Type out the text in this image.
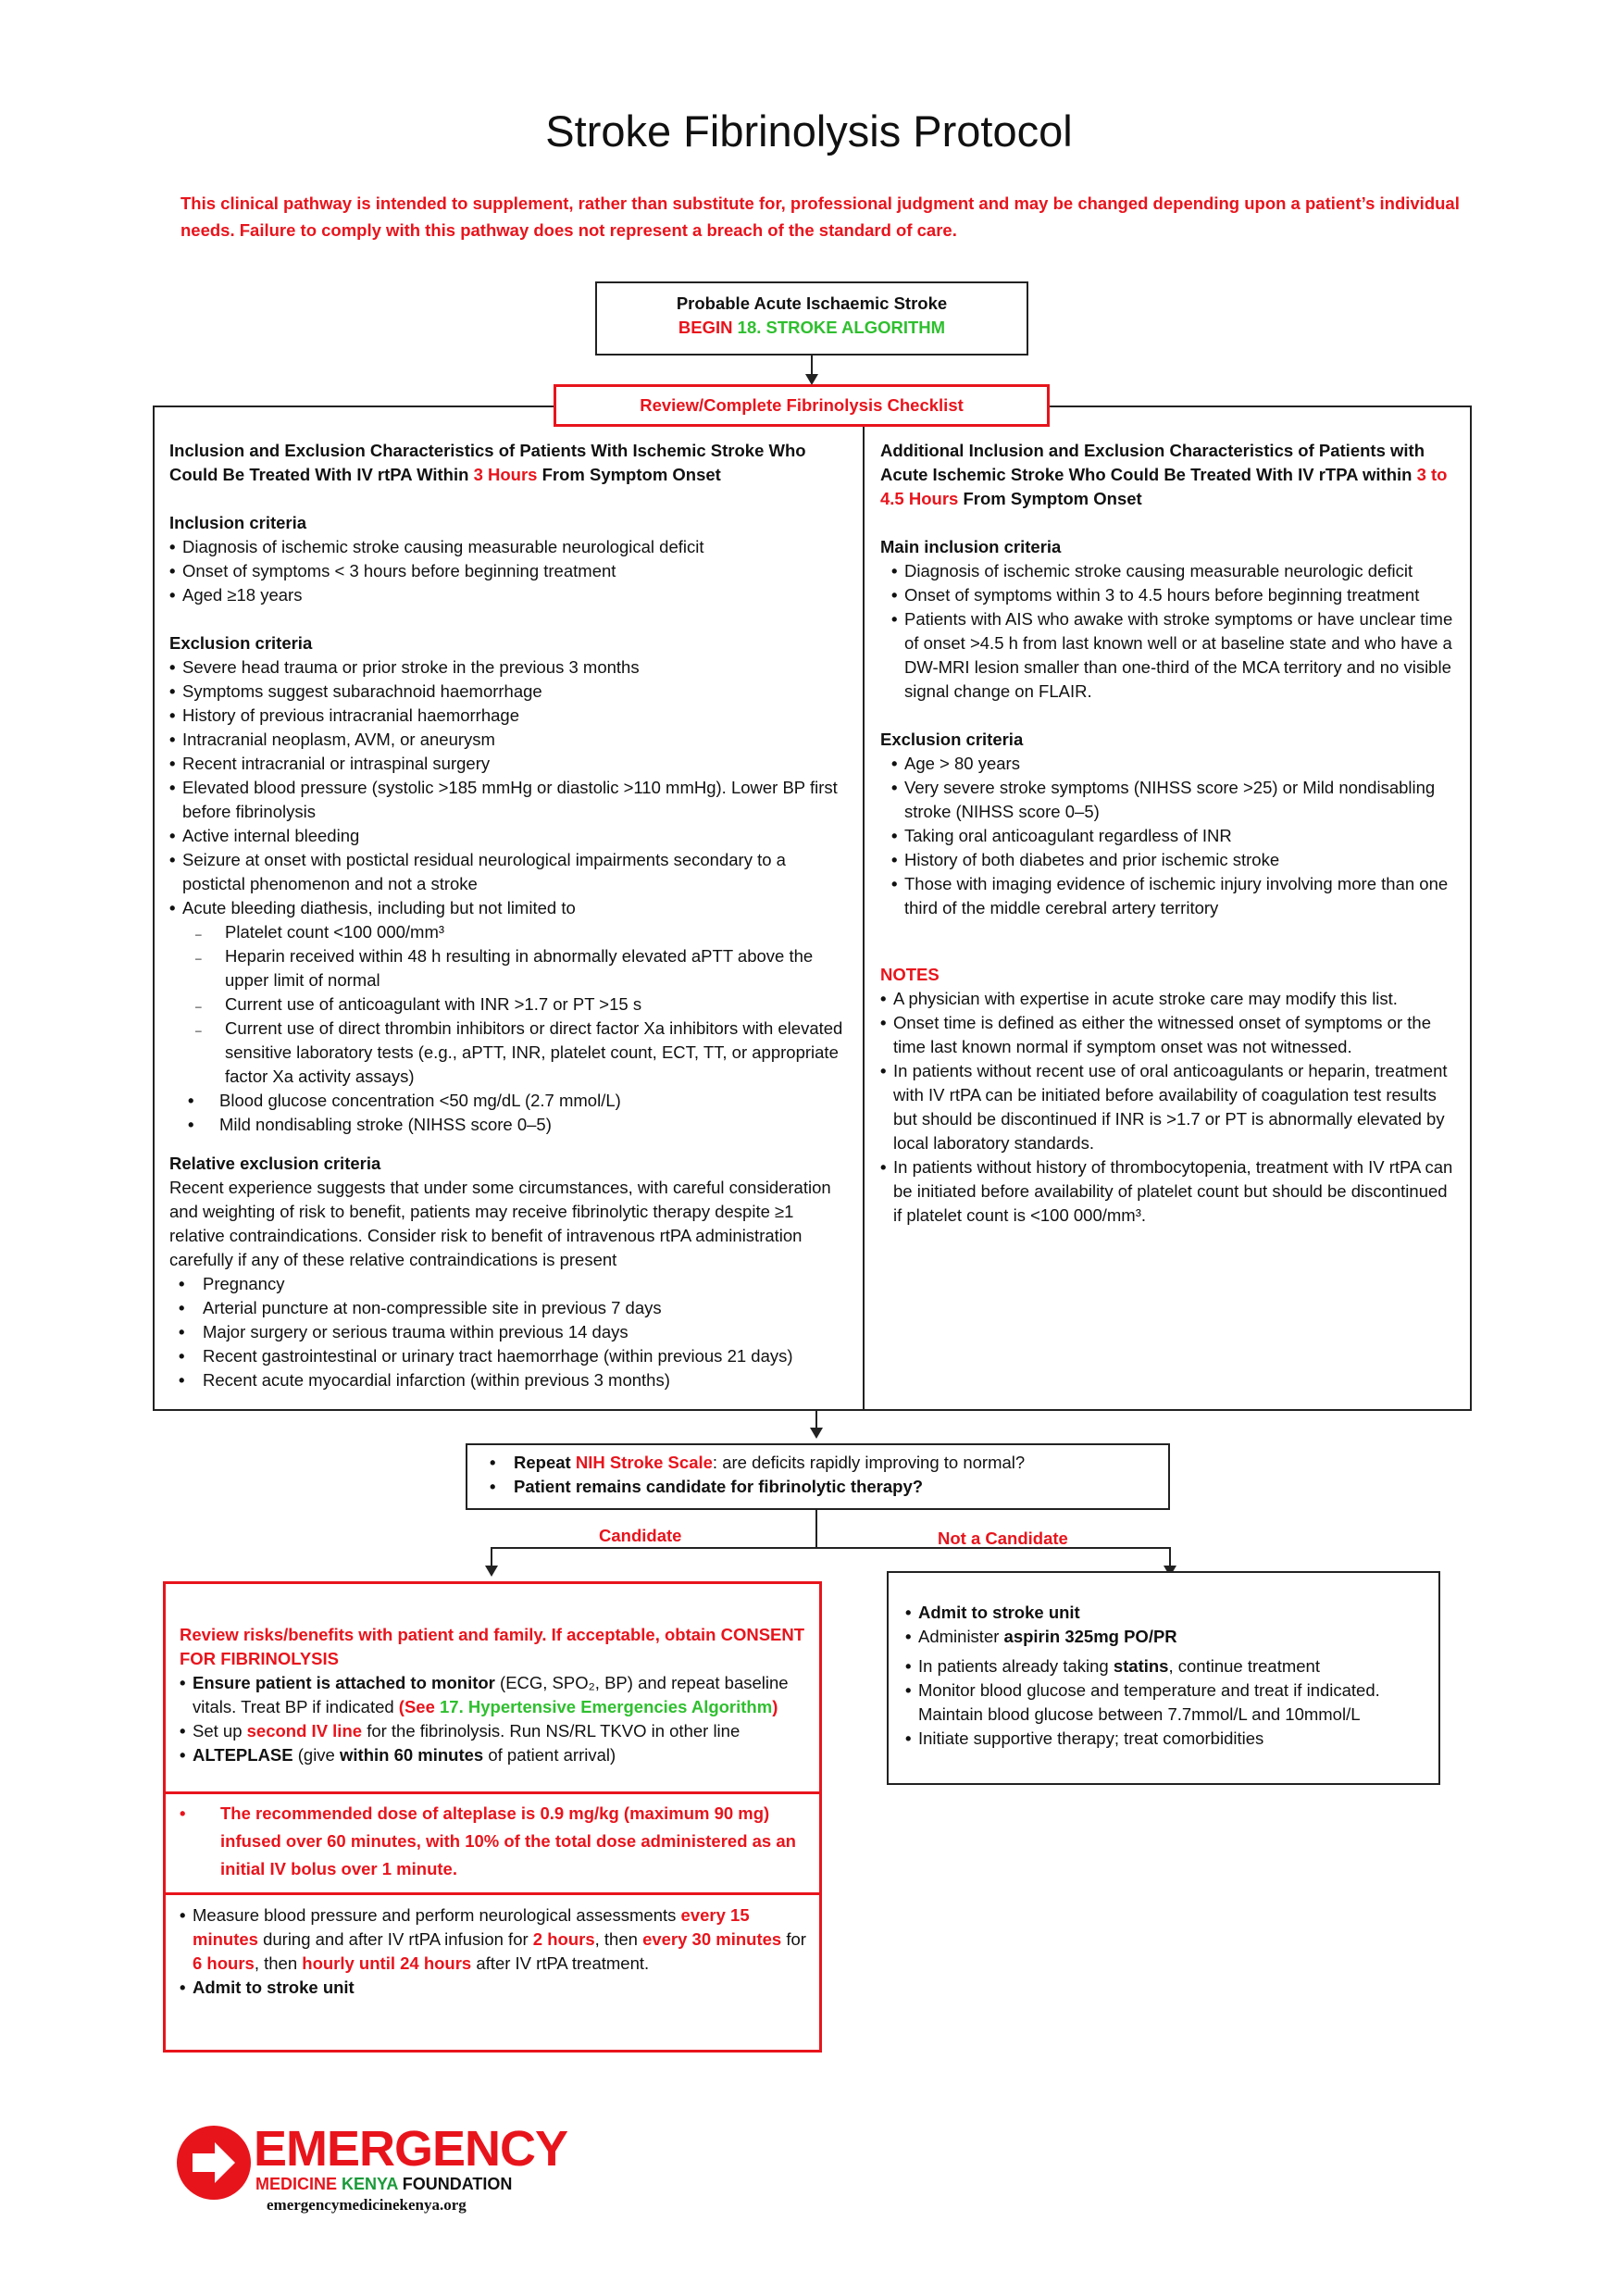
Stroke Fibrinolysis Protocol
This clinical pathway is intended to supplement, rather than substitute for, professional judgment and may be changed depending upon a patient’s individual needs. Failure to comply with this pathway does not represent a breach of the standard of care.
Probable Acute Ischaemic Stroke
BEGIN 18. STROKE ALGORITHM
Review/Complete Fibrinolysis Checklist

Inclusion and Exclusion Characteristics of Patients With Ischemic Stroke Who Could Be Treated With IV rtPA Within 3 Hours From Symptom Onset

Inclusion criteria

• Diagnosis of ischemic stroke causing measurable neurological deficit
• Onset of symptoms < 3 hours before beginning treatment
• Aged ≥18 years

Exclusion criteria

• Severe head trauma or prior stroke in the previous 3 months
• Symptoms suggest subarachnoid haemorrhage
• History of previous intracranial haemorrhage
• Intracranial neoplasm, AVM, or aneurysm
• Recent intracranial or intraspinal surgery
• Elevated blood pressure (systolic >185 mmHg or diastolic >110 mmHg). Lower BP first before fibrinolysis
• Active internal bleeding
• Seizure at onset with postictal residual neurological impairments secondary to a postictal phenomenon and not a stroke
• Acute bleeding diathesis, including but not limited to
– Platelet count <100 000/mm³
– Heparin received within 48 h resulting in abnormally elevated aPTT above the upper limit of normal
– Current use of anticoagulant with INR >1.7 or PT >15 s
– Current use of direct thrombin inhibitors or direct factor Xa inhibitors with elevated sensitive laboratory tests (e.g., aPTT, INR, platelet count, ECT, TT, or appropriate factor Xa activity assays)
• Blood glucose concentration <50 mg/dL (2.7 mmol/L)
• Mild nondisabling stroke (NIHSS score 0–5)

Relative exclusion criteria

Recent experience suggests that under some circumstances, with careful consideration and weighting of risk to benefit, patients may receive fibrinolytic therapy despite ≥1 relative contraindications. Consider risk to benefit of intravenous rtPA administration carefully if any of these relative contraindications is present

• Pregnancy
• Arterial puncture at non-compressible site in previous 7 days
• Major surgery or serious trauma within previous 14 days
• Recent gastrointestinal or urinary tract haemorrhage (within previous 21 days)
• Recent acute myocardial infarction (within previous 3 months)

Additional Inclusion and Exclusion Characteristics of Patients with Acute Ischemic Stroke Who Could Be Treated With IV rTPA within 3 to 4.5 Hours From Symptom Onset

Main inclusion criteria

• Diagnosis of ischemic stroke causing measurable neurologic deficit
• Onset of symptoms within 3 to 4.5 hours before beginning treatment
• Patients with AIS who awake with stroke symptoms or have unclear time of onset >4.5 h from last known well or at baseline state and who have a DW-MRI lesion smaller than one-third of the MCA territory and no visible signal change on FLAIR.

Exclusion criteria

• Age > 80 years
• Very severe stroke symptoms (NIHSS score >25) or Mild nondisabling stroke (NIHSS score 0–5)
• Taking oral anticoagulant regardless of INR
• History of both diabetes and prior ischemic stroke
• Those with imaging evidence of ischemic injury involving more than one third of the middle cerebral artery territory

NOTES

• A physician with expertise in acute stroke care may modify this list.
• Onset time is defined as either the witnessed onset of symptoms or the time last known normal if symptom onset was not witnessed.
• In patients without recent use of oral anticoagulants or heparin, treatment with IV rtPA can be initiated before availability of coagulation test results but should be discontinued if INR is >1.7 or PT is abnormally elevated by local laboratory standards.
• In patients without history of thrombocytopenia, treatment with IV rtPA can be initiated before availability of platelet count but should be discontinued if platelet count is <100 000/mm³.
• Repeat NIH Stroke Scale: are deficits rapidly improving to normal?
• Patient remains candidate for fibrinolytic therapy?
Candidate	Not a Candidate

Review risks/benefits with patient and family. If acceptable, obtain CONSENT FOR FIBRINOLYSIS

• Ensure patient is attached to monitor (ECG, SPO₂, BP) and repeat baseline vitals. Treat BP if indicated (See 17. Hypertensive Emergencies Algorithm)
• Set up second IV line for the fibrinolysis. Run NS/RL TKVO in other line
• ALTEPLASE (give within 60 minutes of patient arrival)
• The recommended dose of alteplase is 0.9 mg/kg (maximum 90 mg) infused over 60 minutes, with 10% of the total dose administered as an initial IV bolus over 1 minute.
• Measure blood pressure and perform neurological assessments every 15 minutes during and after IV rtPA infusion for 2 hours, then every 30 minutes for 6 hours, then hourly until 24 hours after IV rtPA treatment.
• Admit to stroke unit
• Admit to stroke unit
• Administer aspirin 325mg PO/PR
• In patients already taking statins, continue treatment
• Monitor blood glucose and temperature and treat if indicated. Maintain blood glucose between 7.7mmol/L and 10mmol/L
• Initiate supportive therapy; treat comorbidities
EMERGENCY
MEDICINE KENYA FOUNDATION
emergencymedicinekenya.org
